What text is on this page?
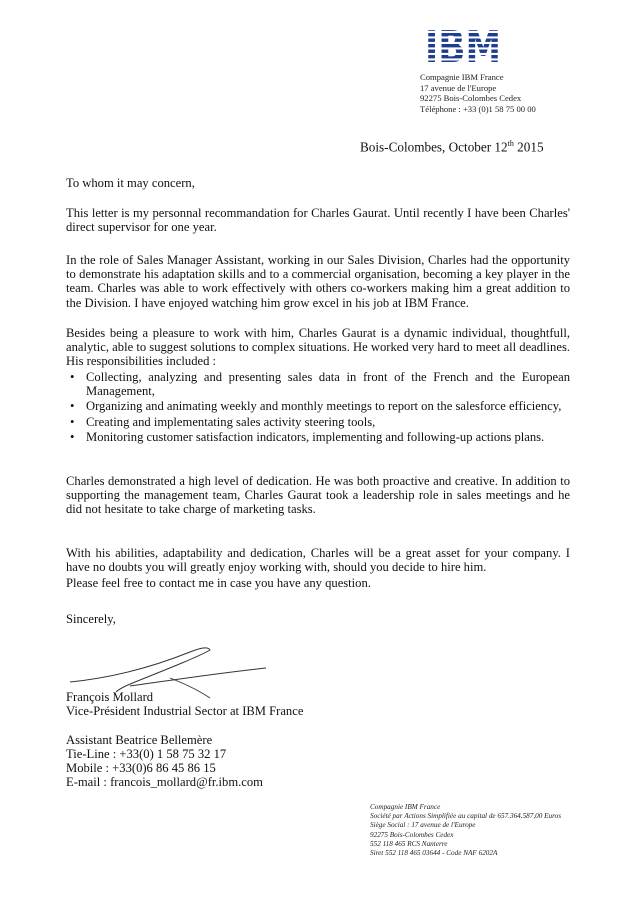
Compagnie IBM France
17 avenue de l'Europe
92275 Bois-Colombes Cedex
Téléphone : +33 (0)1 58 75 00 00
Bois-Colombes, October 12th 2015
To whom it may concern,
This letter is my personnal recommandation for Charles Gaurat. Until recently I have been Charles' direct supervisor for one year.
In the role of Sales Manager Assistant, working in our Sales Division, Charles had the opportunity to demonstrate his adaptation skills and to a commercial organisation, becoming a key player in the team. Charles was able to work effectively with others co-workers making him a great addition to the Division. I have enjoyed watching him grow excel in his job at IBM France.
Besides being a pleasure to work with him, Charles Gaurat is a dynamic individual, thoughtfull, analytic, able to suggest solutions to complex situations. He worked very hard to meet all deadlines. His responsibilities included :
• Collecting, analyzing and presenting sales data in front of the French and the European Management,
• Organizing and animating weekly and monthly meetings to report on the salesforce efficiency,
• Creating and implementating sales activity steering tools,
• Monitoring customer satisfaction indicators, implementing and following-up actions plans.
Charles demonstrated a high level of dedication. He was both proactive and creative. In addition to supporting the management team, Charles Gaurat took a leadership role in sales meetings and he did not hesitate to take charge of marketing tasks.
With his abilities, adaptability and dedication, Charles will be a great asset for your company. I have no doubts you will greatly enjoy working with, should you decide to hire him.
Please feel free to contact me in case you have any question.
Sincerely,
François Mollard
Vice-Président Industrial Sector at IBM France
Assistant Beatrice Bellemère
Tie-Line : +33(0) 1 58 75 32 17
Mobile : +33(0)6 86 45 86 15
E-mail : francois_mollard@fr.ibm.com
Compagnie IBM France
Société par Actions Simplifiée au capital de 657.364.587,00 Euros
Siège Social : 17 avenue de l'Europe
92275 Bois-Colombes Cedex
552 118 465 RCS Nanterre
Siret 552 118 465 03644 - Code NAF 6202A
